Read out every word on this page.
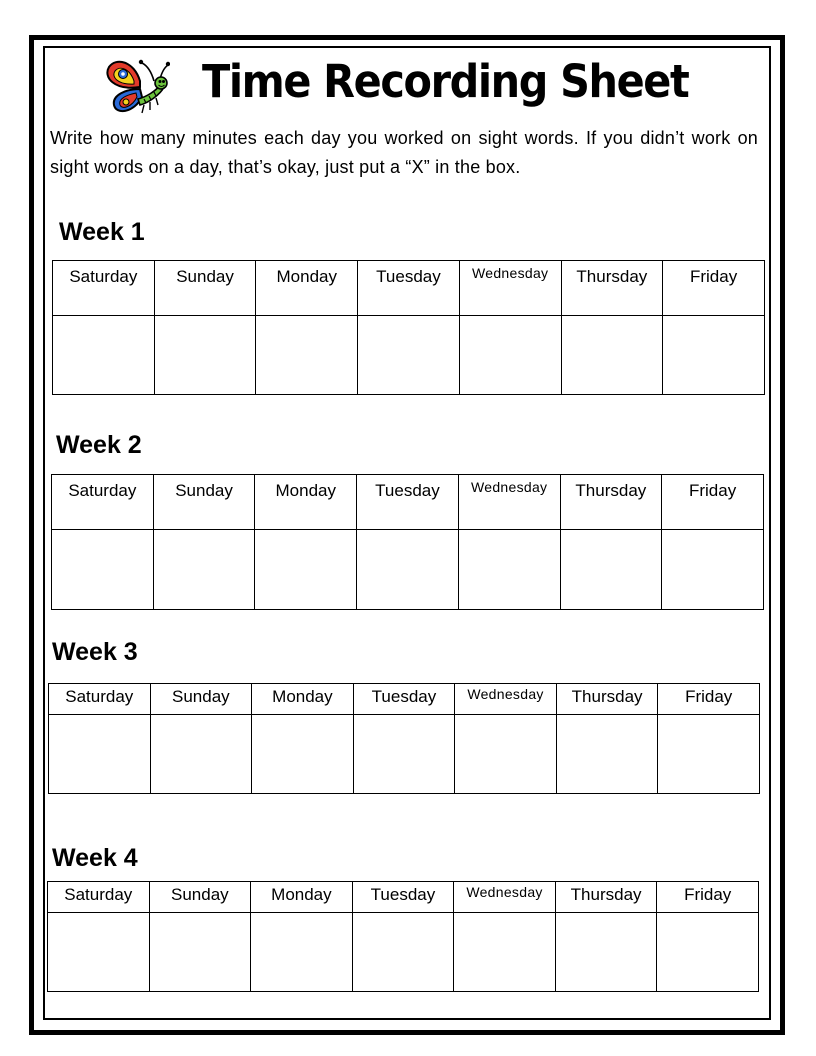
Time Recording Sheet
Write how many minutes each day you worked on sight words. If you didn’t work on sight words on a day, that’s okay, just put a “X” in the box.
Week 1
Saturday	Sunday	Monday	Tuesday	Wednesday	Thursday	Friday

Week 2
Saturday	Sunday	Monday	Tuesday	Wednesday	Thursday	Friday

Week 3
Saturday	Sunday	Monday	Tuesday	Wednesday	Thursday	Friday

Week 4
Saturday	Sunday	Monday	Tuesday	Wednesday	Thursday	Friday
